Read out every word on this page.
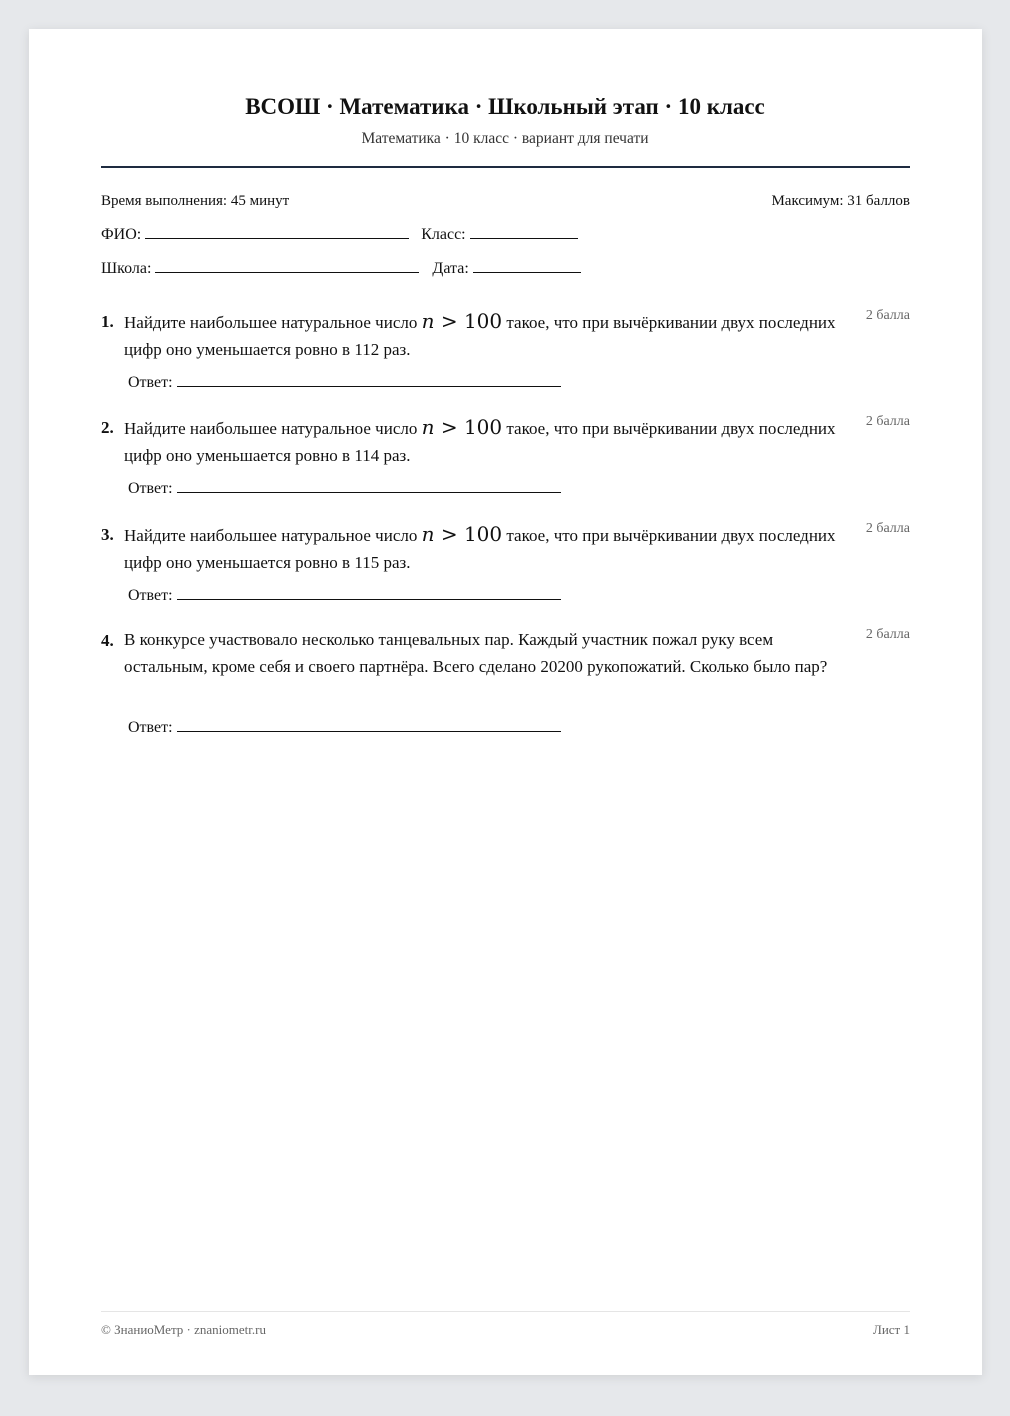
ВСОШ · Математика · Школьный этап · 10 класс
Математика · 10 класс · вариант для печати
Время выполнения: 45 минут	Максимум: 31 баллов
ФИО:	Класс:
Школа:	Дата:
1. Найдите наибольшее натуральное число n > 100 такое, что при вычёркивании двух последних цифр оно уменьшается ровно в 112 раз.
2 балла
Ответ:
2. Найдите наибольшее натуральное число n > 100 такое, что при вычёркивании двух последних цифр оно уменьшается ровно в 114 раз.
2 балла
Ответ:
3. Найдите наибольшее натуральное число n > 100 такое, что при вычёркивании двух последних цифр оно уменьшается ровно в 115 раз.
2 балла
Ответ:
4. В конкурсе участвовало несколько танцевальных пар. Каждый участник пожал руку всем остальным, кроме себя и своего партнёра. Всего сделано 20200 рукопожатий. Сколько было пар?
2 балла
Ответ:
© ЗнаниоМетр · znaniometr.ru	Лист 1
